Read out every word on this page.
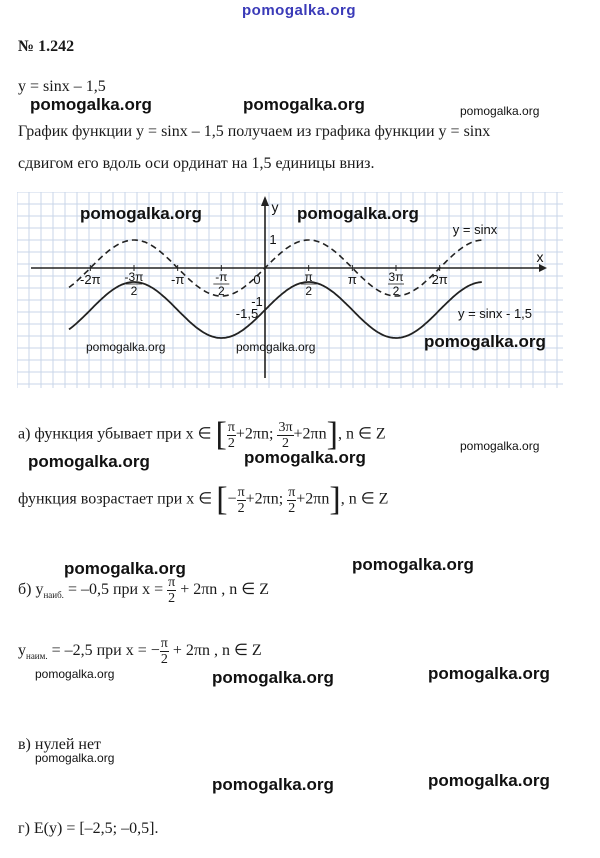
pomogalka.org
№ 1.242
y = sinx – 1,5
График функции y = sinx – 1,5 получаем из графика функции y = sinx
сдвигом его вдоль оси ординат на 1,5 единицы вниз.
x
y
-2π -3π
2
-π	-π
2
0	π
2
π	3π
2
2π
1
-1
-1,5
y = sinx
y = sinx - 1,5
а) функция убывает при x ∈ [ $\frac{\pi}{2} +2\pi n$; $\frac{3\pi}{2} +2\pi n$], n ∈ Z
функция возрастает при x ∈ [− $\frac{\pi}{2} +2\pi n$; $\frac{\pi}{2} +2\pi n$], n ∈ Z
б) $y_{наиб.} = -0,5$ при $x = \frac{\pi}{2} + 2\pi n$ , n ∈ Z
$y_{наим.} = -2,5$ при x = − $\frac{\pi}{2} + 2\pi n$ , n ∈ Z
в) нулей нет
г) E(y) = [–2,5; –0,5].
pomogalka.org	pomogalka.org	pomogalka.org
pomogalka.org	pomogalka.org
pomogalka.org
pomogalka.org	pomogalka.org
pomogalka.org	pomogalka.org	pomogalka.org
pomogalka.org
pomogalka.org	pomogalka.org
pomogalka.org	pomogalka.org
pomogalka.org	pomogalka.org	pomogalka.org
